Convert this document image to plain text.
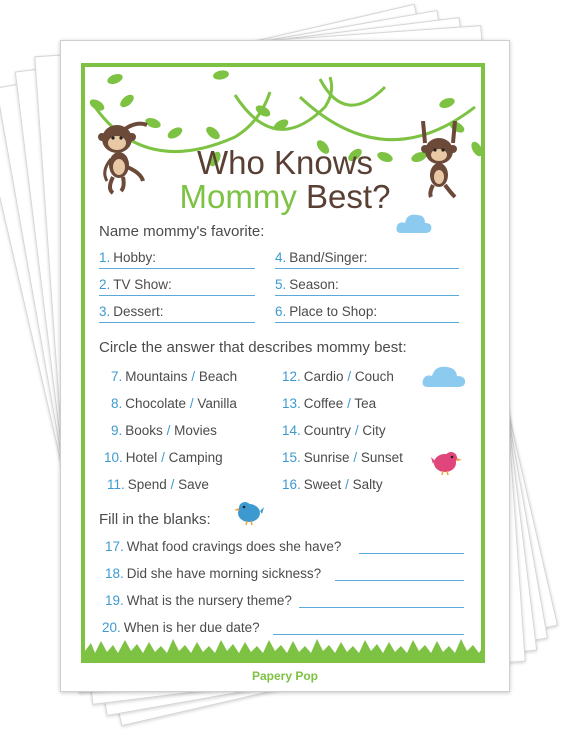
Who Knows
Mommy Best?
Name mommy's favorite:
1. Hobby:
2. TV Show:
3. Dessert:
4. Band/Singer:
5. Season:
6. Place to Shop:
Circle the answer that describes mommy best:
7. Mountains / Beach
8. Chocolate / Vanilla
9. Books / Movies
10. Hotel / Camping
11. Spend / Save
12. Cardio / Couch
13. Coffee / Tea
14. Country / City
15. Sunrise / Sunset
16. Sweet / Salty
Fill in the blanks:
17. What food cravings does she have?
18. Did she have morning sickness?
19. What is the nursery theme?
20. When is her due date?
Papery Pop
